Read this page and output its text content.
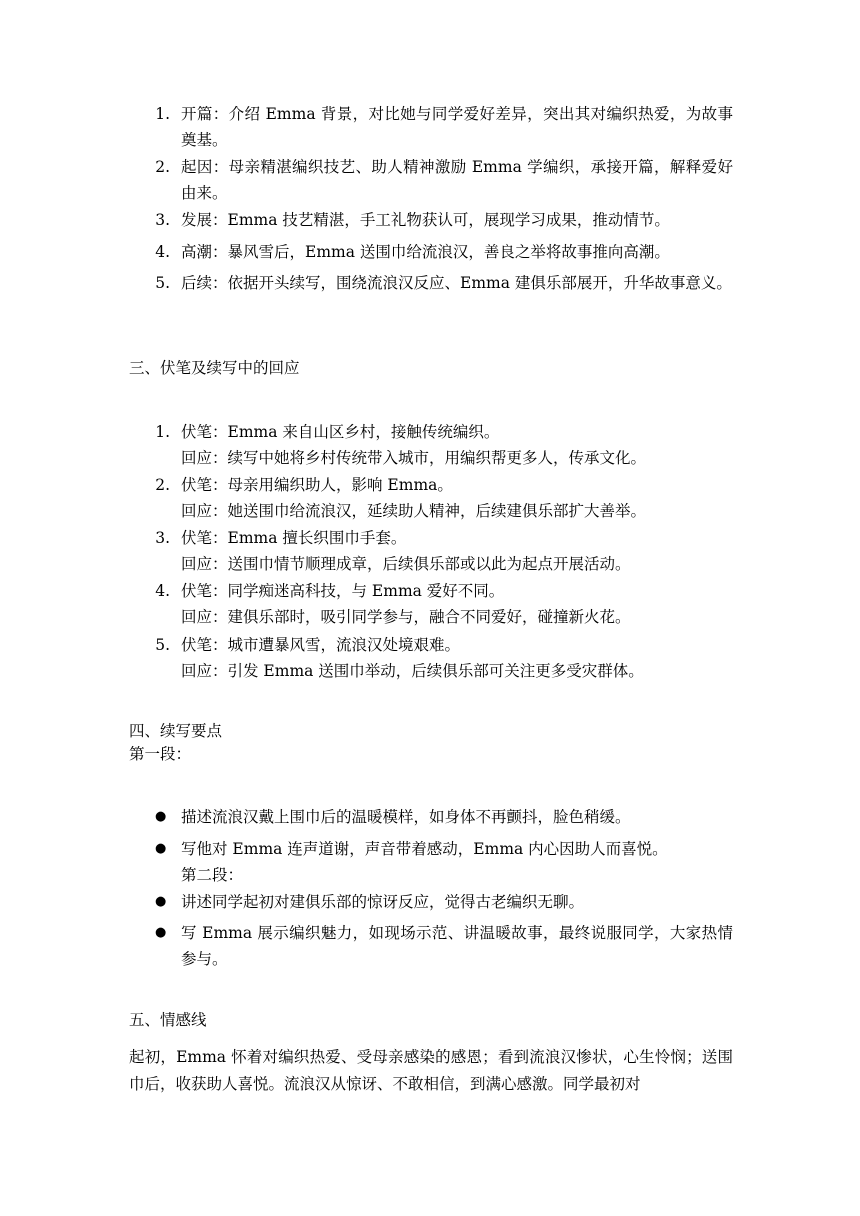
1. 开篇：介绍 Emma 背景，对比她与同学爱好差异，突出其对编织热爱，为故事奠基。
2. 起因：母亲精湛编织技艺、助人精神激励 Emma 学编织，承接开篇，解释爱好由来。
3. 发展：Emma 技艺精湛，手工礼物获认可，展现学习成果，推动情节。
4. 高潮：暴风雪后，Emma 送围巾给流浪汉，善良之举将故事推向高潮。
5. 后续：依据开头续写，围绕流浪汉反应、Emma 建俱乐部展开，升华故事意义。
三、伏笔及续写中的回应
1. 伏笔：Emma 来自山区乡村，接触传统编织。
回应：续写中她将乡村传统带入城市，用编织帮更多人，传承文化。
2. 伏笔：母亲用编织助人，影响 Emma。
回应：她送围巾给流浪汉，延续助人精神，后续建俱乐部扩大善举。
3. 伏笔：Emma 擅长织围巾手套。
回应：送围巾情节顺理成章，后续俱乐部或以此为起点开展活动。
4. 伏笔：同学痴迷高科技，与 Emma 爱好不同。
回应：建俱乐部时，吸引同学参与，融合不同爱好，碰撞新火花。
5. 伏笔：城市遭暴风雪，流浪汉处境艰难。
回应：引发 Emma 送围巾举动，后续俱乐部可关注更多受灾群体。
四、续写要点
第一段：
● 描述流浪汉戴上围巾后的温暖模样，如身体不再颤抖，脸色稍缓。
● 写他对 Emma 连声道谢，声音带着感动，Emma 内心因助人而喜悦。
第二段：
● 讲述同学起初对建俱乐部的惊讶反应，觉得古老编织无聊。
● 写 Emma 展示编织魅力，如现场示范、讲温暖故事，最终说服同学，大家热情参与。
五、情感线
起初，Emma 怀着对编织热爱、受母亲感染的感恩；看到流浪汉惨状，心生怜悯；送围巾后，收获助人喜悦。流浪汉从惊讶、不敢相信，到满心感激。同学最初对
